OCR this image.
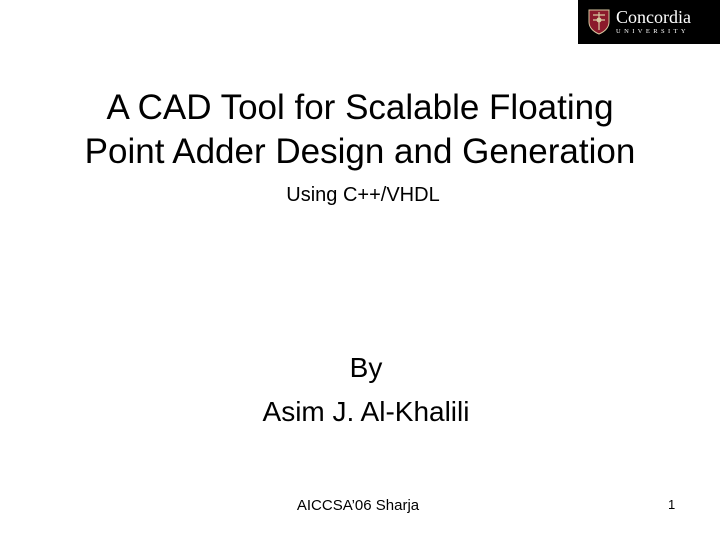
Concordia
UNIVERSITY
A CAD Tool for Scalable Floating
Point Adder Design and Generation
Using C++/VHDL
By
Asim J. Al-Khalili
AICCSA’06 Sharja	1
